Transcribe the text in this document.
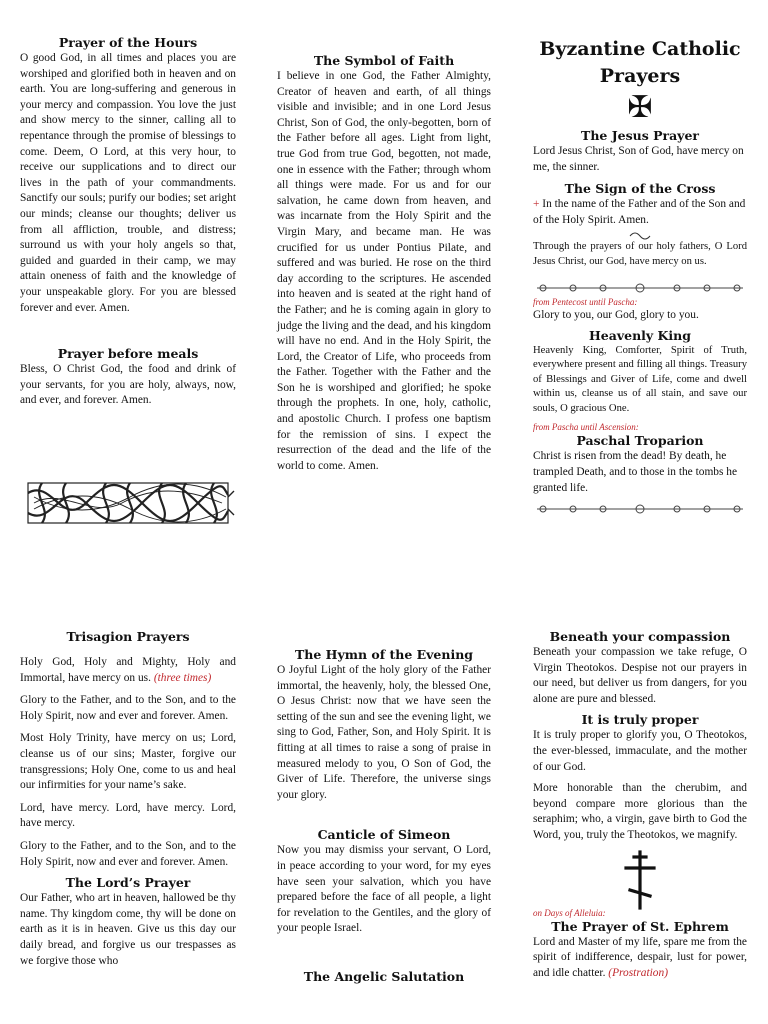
Prayer of the Hours

O good God, in all times and places you are worshiped and glorified both in heaven and on earth. You are long-suffering and generous in your mercy and compassion. You love the just and show mercy to the sinner, calling all to repentance through the promise of blessings to come. Deem, O Lord, at this very hour, to receive our supplications and to direct our lives in the path of your commandments. Sanctify our souls; purify our bodies; set aright our minds; cleanse our thoughts; deliver us from all affliction, trouble, and distress; surround us with your holy angels so that, guided and guarded in their camp, we may attain oneness of faith and the knowledge of your unspeakable glory. For you are blessed forever and ever. Amen.

Prayer before meals

Bless, O Christ God, the food and drink of your servants, for you are holy, always, now, and ever, and forever. Amen.

The Symbol of Faith

I believe in one God, the Father Almighty, Creator of heaven and earth, of all things visible and invisible; and in one Lord Jesus Christ, Son of God, the only-begotten, born of the Father before all ages. Light from light, true God from true God, begotten, not made, one in essence with the Father; through whom all things were made. For us and for our salvation, he came down from heaven, and was incarnate from the Holy Spirit and the Virgin Mary, and became man. He was crucified for us under Pontius Pilate, and suffered and was buried. He rose on the third day according to the scriptures. He ascended into heaven and is seated at the right hand of the Father; and he is coming again in glory to judge the living and the dead, and his kingdom will have no end. And in the Holy Spirit, the Lord, the Creator of Life, who proceeds from the Father. Together with the Father and the Son he is worshiped and glorified; he spoke through the prophets. In one, holy, catholic, and apostolic Church. I profess one baptism for the remission of sins. I expect the resurrection of the dead and the life of the world to come. Amen.

Byzantine Catholic
Prayers
✠
The Jesus Prayer

Lord Jesus Christ, Son of God, have mercy on me, the sinner.

The Sign of the Cross

+ In the name of the Father and of the Son and of the Holy Spirit. Amen.

Through the prayers of our holy fathers, O Lord Jesus Christ, our God, have mercy on us.

from Pentecost until Pascha:

Glory to you, our God, glory to you.

Heavenly King

Heavenly King, Comforter, Spirit of Truth, everywhere present and filling all things. Treasury of Blessings and Giver of Life, come and dwell within us, cleanse us of all stain, and save our souls, O gracious One.

from Pascha until Ascension:
Paschal Troparion

Christ is risen from the dead! By death, he trampled Death, and to those in the tombs he granted life.

Trisagion Prayers

Holy God, Holy and Mighty, Holy and Immortal, have mercy on us. (three times)

Glory to the Father, and to the Son, and to the Holy Spirit, now and ever and forever. Amen.

Most Holy Trinity, have mercy on us; Lord, cleanse us of our sins; Master, forgive our transgressions; Holy One, come to us and heal our infirmities for your name’s sake.

Lord, have mercy. Lord, have mercy. Lord, have mercy.

Glory to the Father, and to the Son, and to the Holy Spirit, now and ever and forever. Amen.

The Lord’s Prayer

Our Father, who art in heaven, hallowed be thy name. Thy kingdom come, thy will be done on earth as it is in heaven. Give us this day our daily bread, and forgive us our trespasses as we forgive those who

The Hymn of the Evening

O Joyful Light of the holy glory of the Father immortal, the heavenly, holy, the blessed One, O Jesus Christ: now that we have seen the setting of the sun and see the evening light, we sing to God, Father, Son, and Holy Spirit. It is fitting at all times to raise a song of praise in measured melody to you, O Son of God, the Giver of Life. Therefore, the universe sings your glory.

Canticle of Simeon

Now you may dismiss your servant, O Lord, in peace according to your word, for my eyes have seen your salvation, which you have prepared before the face of all people, a light for revelation to the Gentiles, and the glory of your people Israel.

The Angelic Salutation
Beneath your compassion

Beneath your compassion we take refuge, O Virgin Theotokos. Despise not our prayers in our need, but deliver us from dangers, for you alone are pure and blessed.

It is truly proper

It is truly proper to glorify you, O Theotokos, the ever-blessed, immaculate, and the mother of our God.

More honorable than the cherubim, and beyond compare more glorious than the seraphim; who, a virgin, gave birth to God the Word, you, truly the Theotokos, we magnify.

on Days of Alleluia:
The Prayer of St. Ephrem

Lord and Master of my life, spare me from the spirit of indifference, despair, lust for power, and idle chatter. (Prostration)
